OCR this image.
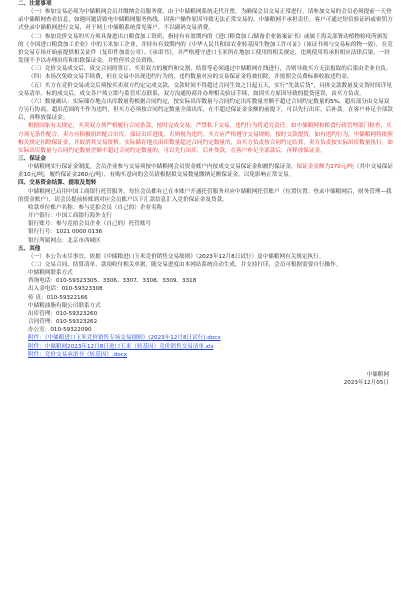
二、注意事项

（一）参加交易必须为中储粮网会员并缴纳会员服务费。由于中储粮网系统走代开票，为确保会员交易正常进行，请参加交易的会员必须提前一天登录中储粮网查看信息，如遇问题请致电中储粮网服务热线，因客户操作原因导致无法正常交易的，中储粮网不承担责任。客户可通过短信验证码或密钥方式登录中储粮网进行交易，对于网上中储粮系统常见客户、不以副码交易消费。

（二）参加竞价交易的买方须具备进出口粮食加工资质，指持有有效期内的《进口粮食加工/储备企业备案证书》或属于海关部署动植物检疫所颁发的《全国进口粮食加工企业》中的玉米加工企业，并持有有效期内的《中华人民共和国农业转基因生物加工许可证》（该证书须与交易标的物一致），在竞价交易专场开始前提供相关证件（复印件加盖公章）、《承诺书》，并严格遵守进口玉米所在地加工使用的相关规定，违规使用将承担相应法律后果，一经发现不予以办理出库和扣除保证金，并暂停其会员资格。

（三）竞价交易成交后，成交合同的签订、买卖双方的履约和交割，结算等必须通过中储粮网在线进行，否则导致买方无法报取的后果由企业自负。

（四）本场次免收交易手续费，但在交易中出现违约行为的，违约数量对应的交易保证金将被扣除，并按照会员费标准收取违约金。

（五）买方在竞价交易成交后须按买卖双方约定完成交款，交款时间不得超过合同生效之日起五天，实行“先款后货”，具体交款数量及交货时间详见交易清单。标的成交后，成交各户须立即与监管库点联系，双方沟通协商并办理相关验证手续，如因买方原因导致的提货延误，由买方负责。

（六）数量确认：实际储存地点出库数量将根据合同约定，按实际出库数量与合同约定出库数量差额不超过合同约定数量的5%，超出部分由交易双方另行协商，超出范围的不作为违约，但买方必须按合同约定数量全部出库，在不超过保证金金额的前提下，可以先行出库，后补款。在客户补足全部款后，再释放保证金。

根据国家有关规定，买卖双方须严格履行合同条款，按时完成交易，严禁私下交易，违约行为将追究责任。如中储粮网和粮食行政管理部门检查，买方须无条件配合。卖方应积极组织配合出库，保证出库进度，否则视为违约。买方应严格遵守交易规则，按时交款提货，如有违约行为，中储粮网将依照相关规定扣除保证金，并取消其交易资格。实际储存地点出库数量超过合同约定数量的，由买方负责按合同约定结算，卖方负责按实际出库数量执行，如实际出库数量与合同约定数量差额不超过合同约定数量的，可以先行出库，后补货款，在客户补足全部款后，再释放保证金。

三、保证金

中储粮网实行保证金制度，会员企业参与交易须按中储粮网会员资金账户内按成交交易保证金和履约保证金，保证金金额为270元/吨（其中交易保证金10元/吨，履约保证金260元/吨），有购买意向的会员请根据拟交易数量缴纳足额保证金，以免影响正常交易。

四、交易资金结算、提取及划转

中储粮网已启用中国工商银行托管服务，每位会员都有已在本账户开通托管服务对应中储粮网托管账户（位置位置：登录中储粮网后，财务管理—我的资金账户），请会员提前转账到对应会员账户以下汇款信息汇入竞价保证金及货款。

收款单位账户名称：参与竞拍会员（自己的）企业名称

开户银行：中国工商银行海外支行

银行账号：参与竞拍会员企业（自己的）托管账号

银行行号：1021 0000 0136

银行所属网点：北京市西城区

五、其他

（一）本公告未尽事宜，依据《中储粮进口玉米竞价销售交易细则》（2023年12月8日试行）及中储粮网有关规定执行。

（二）交易合同、结算清单、款项收付相关单据，随交易进度由本网站系统自动生成，并支持打印，会员可根据需要自行操作。

中储粮网联系方式

咨询电话：010-59323305、3306、3307、3308、3309、3318

出入金电话：010-59323308

传 真：010-59322166

中储粮油脂有限公司联系方式

出库管理：010-59323260

合同管理：010-59323262

办公室：010-59322090

附件：《中储粮进口玉米竞价销售专场交易细则》(2023年12月8日试行).docx

附件：中储粮网2023年12月8日进口玉米（转基因）竞价销售交易清单.xls

附件：竞价交易承诺书（转基因）.docx

中储粮网

2023年12月05日
